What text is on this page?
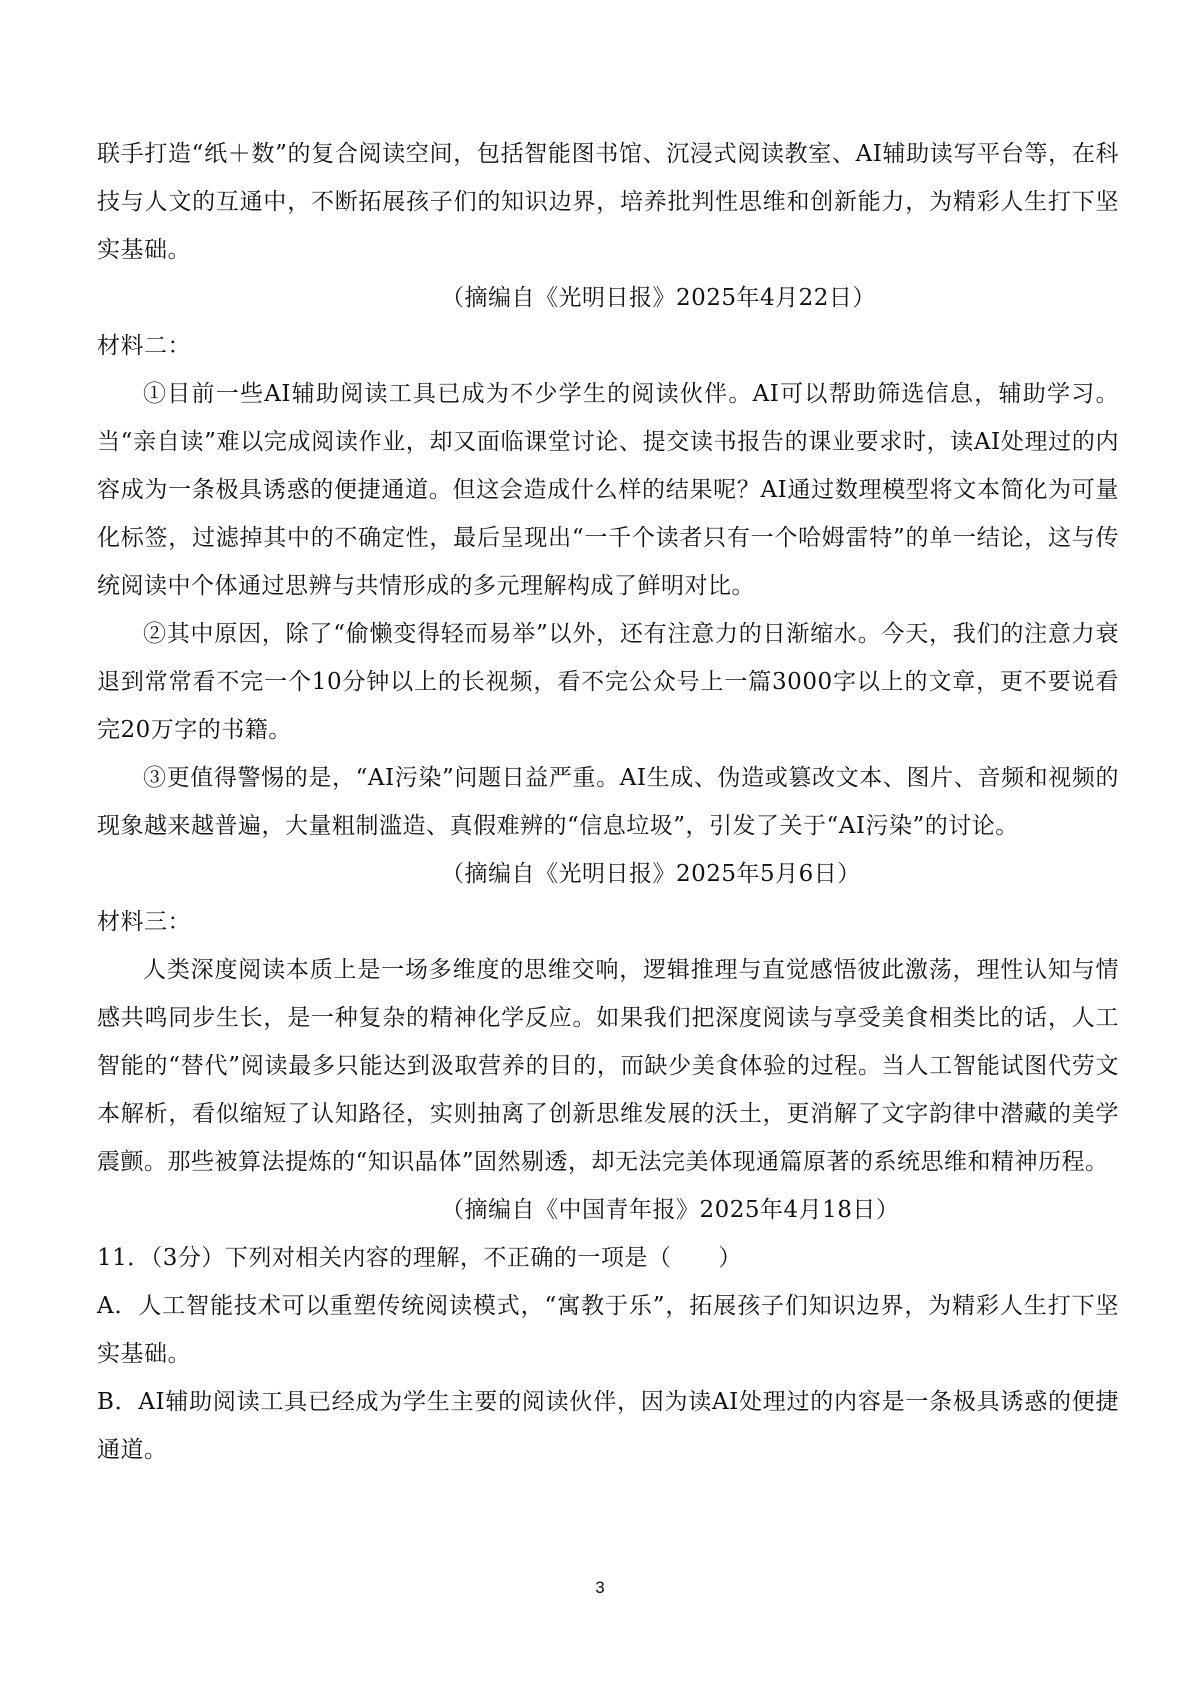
联手打造“纸＋数”的复合阅读空间，包括智能图书馆、沉浸式阅读教室、AI辅助读写平台等，在科技与人文的互通中，不断拓展孩子们的知识边界，培养批判性思维和创新能力，为精彩人生打下坚实基础。

（摘编自《光明日报》2025年4月22日）

材料二：

①目前一些AI辅助阅读工具已成为不少学生的阅读伙伴。AI可以帮助筛选信息，辅助学习。当“亲自读”难以完成阅读作业，却又面临课堂讨论、提交读书报告的课业要求时，读AI处理过的内容成为一条极具诱惑的便捷通道。但这会造成什么样的结果呢？AI通过数理模型将文本简化为可量化标签，过滤掉其中的不确定性，最后呈现出“一千个读者只有一个哈姆雷特”的单一结论，这与传统阅读中个体通过思辨与共情形成的多元理解构成了鲜明对比。

②其中原因，除了“偷懒变得轻而易举”以外，还有注意力的日渐缩水。今天，我们的注意力衰退到常常看不完一个10分钟以上的长视频，看不完公众号上一篇3000字以上的文章，更不要说看完20万字的书籍。

③更值得警惕的是，“AI污染”问题日益严重。AI生成、伪造或篡改文本、图片、音频和视频的现象越来越普遍，大量粗制滥造、真假难辨的“信息垃圾”，引发了关于“AI污染”的讨论。

（摘编自《光明日报》2025年5月6日）

材料三：

人类深度阅读本质上是一场多维度的思维交响，逻辑推理与直觉感悟彼此激荡，理性认知与情感共鸣同步生长，是一种复杂的精神化学反应。如果我们把深度阅读与享受美食相类比的话，人工智能的“替代”阅读最多只能达到汲取营养的目的，而缺少美食体验的过程。当人工智能试图代劳文本解析，看似缩短了认知路径，实则抽离了创新思维发展的沃土，更消解了文字韵律中潜藏的美学震颤。那些被算法提炼的“知识晶体”固然剔透，却无法完美体现通篇原著的系统思维和精神历程。

（摘编自《中国青年报》2025年4月18日）

11．（3分）下列对相关内容的理解，不正确的一项是（　　）

A．人工智能技术可以重塑传统阅读模式，“寓教于乐”，拓展孩子们知识边界，为精彩人生打下坚实基础。

B．AI辅助阅读工具已经成为学生主要的阅读伙伴，因为读AI处理过的内容是一条极具诱惑的便捷通道。

3
